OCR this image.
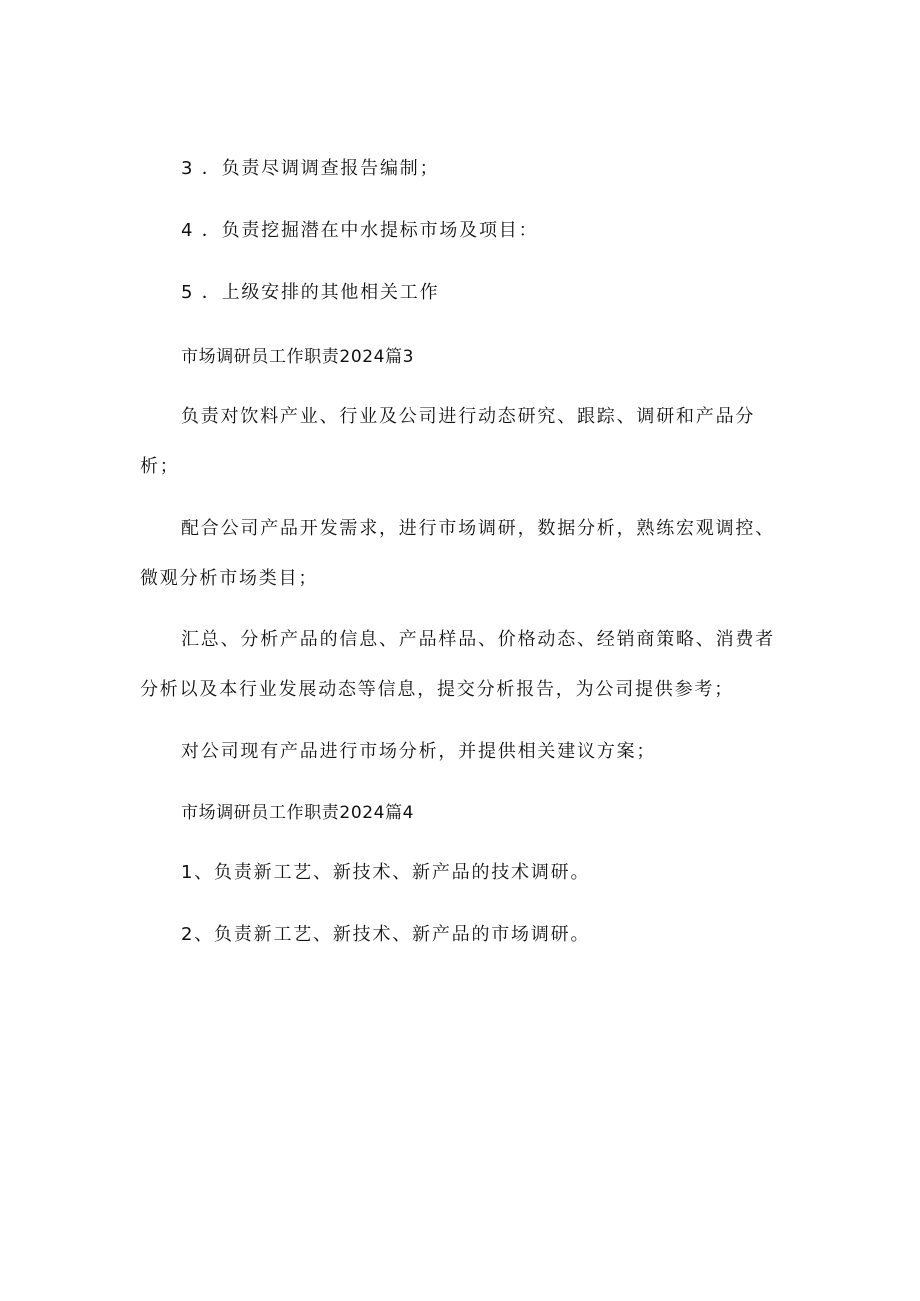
3 ．负责尽调调查报告编制；
4 ．负责挖掘潜在中水提标市场及项目：
5 ．上级安排的其他相关工作
市场调研员工作职责2024篇3
负责对饮料产业、行业及公司进行动态研究、跟踪、调研和产品分
析；
配合公司产品开发需求，进行市场调研，数据分析，熟练宏观调控、
微观分析市场类目；
汇总、分析产品的信息、产品样品、价格动态、经销商策略、消费者
分析以及本行业发展动态等信息，提交分析报告，为公司提供参考；
对公司现有产品进行市场分析，并提供相关建议方案；
市场调研员工作职责2024篇4
1、负责新工艺、新技术、新产品的技术调研。
2、负责新工艺、新技术、新产品的市场调研。
